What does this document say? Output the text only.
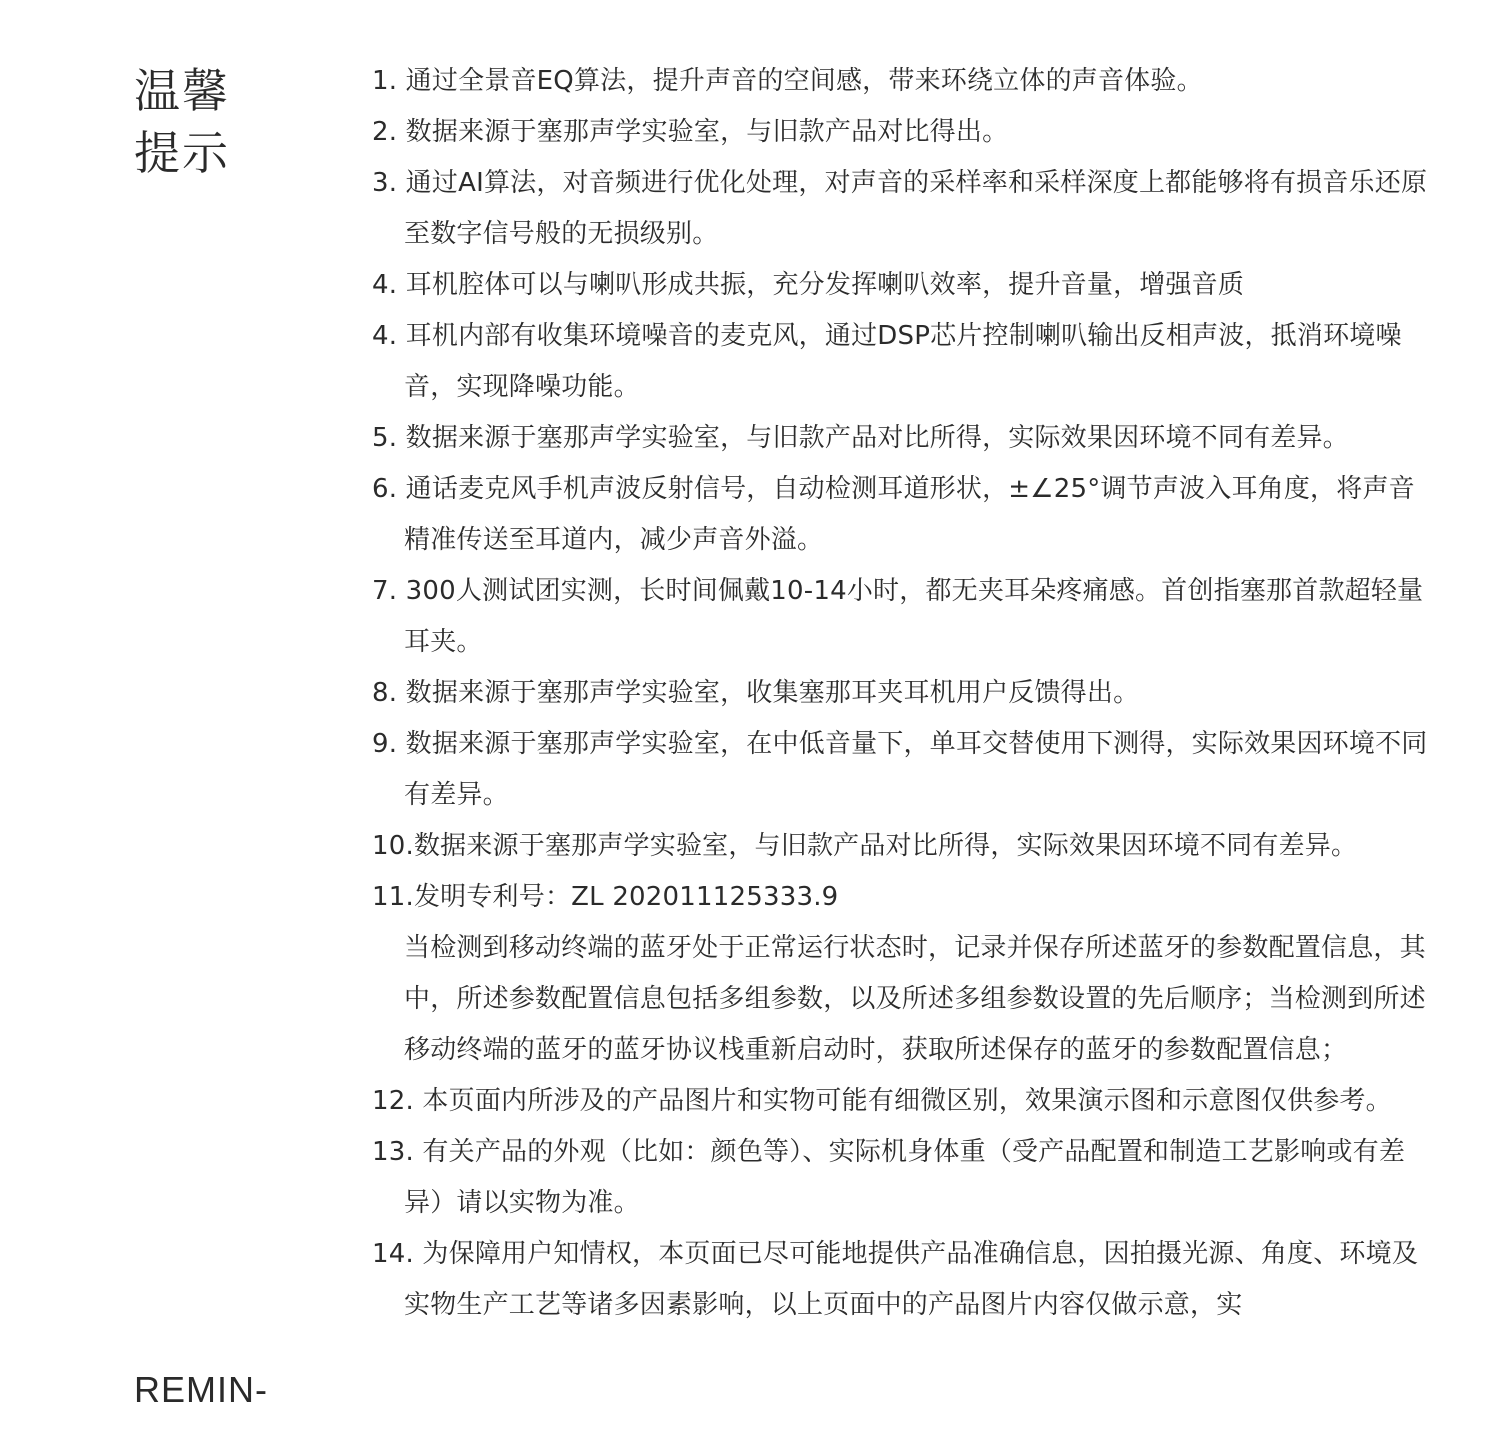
温馨
提示
REMIN-
1. 通过全景音EQ算法，提升声音的空间感，带来环绕立体的声音体验。
2. 数据来源于塞那声学实验室，与旧款产品对比得出。
3. 通过AI算法，对音频进行优化处理，对声音的采样率和采样深度上都能够将有损音乐还原至数字信号般的无损级别。
4. 耳机腔体可以与喇叭形成共振，充分发挥喇叭效率，提升音量，增强音质
4. 耳机内部有收集环境噪音的麦克风，通过DSP芯片控制喇叭输出反相声波，抵消环境噪音，实现降噪功能。
5. 数据来源于塞那声学实验室，与旧款产品对比所得，实际效果因环境不同有差异。
6. 通话麦克风手机声波反射信号，自动检测耳道形状，±∠25°调节声波入耳角度，将声音精准传送至耳道内，减少声音外溢。
7. 300人测试团实测，长时间佩戴10-14小时，都无夹耳朵疼痛感。首创指塞那首款超轻量耳夹。
8. 数据来源于塞那声学实验室，收集塞那耳夹耳机用户反馈得出。
9. 数据来源于塞那声学实验室，在中低音量下，单耳交替使用下测得，实际效果因环境不同有差异。
10.数据来源于塞那声学实验室，与旧款产品对比所得，实际效果因环境不同有差异。
11.发明专利号：ZL 202011125333.9
当检测到移动终端的蓝牙处于正常运行状态时，记录并保存所述蓝牙的参数配置信息，其中，所述参数配置信息包括多组参数，以及所述多组参数设置的先后顺序；当检测到所述移动终端的蓝牙的蓝牙协议栈重新启动时，获取所述保存的蓝牙的参数配置信息；
12. 本页面内所涉及的产品图片和实物可能有细微区别，效果演示图和示意图仅供参考。
13. 有关产品的外观（比如：颜色等）、实际机身体重（受产品配置和制造工艺影响或有差异）请以实物为准。
14. 为保障用户知情权，本页面已尽可能地提供产品准确信息，因拍摄光源、角度、环境及实物生产工艺等诸多因素影响，以上页面中的产品图片内容仅做示意，实
